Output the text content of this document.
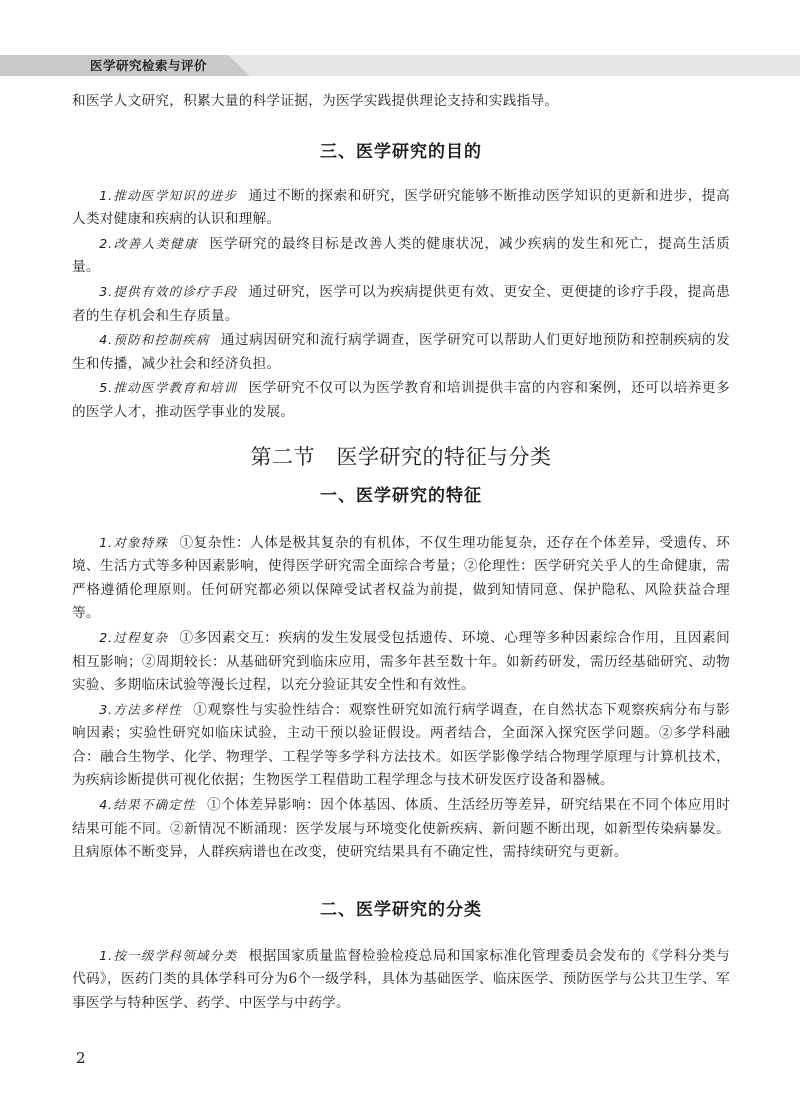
医学研究检索与评价

和医学人文研究，积累大量的科学证据，为医学实践提供理论支持和实践指导。

三、医学研究的目的

1.推动医学知识的进步 通过不断的探索和研究，医学研究能够不断推动医学知识的更新和进步，提高人类对健康和疾病的认识和理解。

2.改善人类健康 医学研究的最终目标是改善人类的健康状况，减少疾病的发生和死亡，提高生活质量。

3.提供有效的诊疗手段 通过研究，医学可以为疾病提供更有效、更安全、更便捷的诊疗手段，提高患者的生存机会和生存质量。

4.预防和控制疾病 通过病因研究和流行病学调查，医学研究可以帮助人们更好地预防和控制疾病的发生和传播，减少社会和经济负担。

5.推动医学教育和培训 医学研究不仅可以为医学教育和培训提供丰富的内容和案例，还可以培养更多的医学人才，推动医学事业的发展。

第二节　医学研究的特征与分类
一、医学研究的特征

1.对象特殊 ①复杂性：人体是极其复杂的有机体，不仅生理功能复杂，还存在个体差异，受遗传、环境、生活方式等多种因素影响，使得医学研究需全面综合考量；②伦理性：医学研究关乎人的生命健康，需严格遵循伦理原则。任何研究都必须以保障受试者权益为前提，做到知情同意、保护隐私、风险获益合理等。

2.过程复杂 ①多因素交互：疾病的发生发展受包括遗传、环境、心理等多种因素综合作用，且因素间相互影响；②周期较长：从基础研究到临床应用，需多年甚至数十年。如新药研发，需历经基础研究、动物实验、多期临床试验等漫长过程，以充分验证其安全性和有效性。

3.方法多样性 ①观察性与实验性结合：观察性研究如流行病学调查，在自然状态下观察疾病分布与影响因素；实验性研究如临床试验，主动干预以验证假设。两者结合，全面深入探究医学问题。②多学科融合：融合生物学、化学、物理学、工程学等多学科方法技术。如医学影像学结合物理学原理与计算机技术，为疾病诊断提供可视化依据；生物医学工程借助工程学理念与技术研发医疗设备和器械。

4.结果不确定性 ①个体差异影响：因个体基因、体质、生活经历等差异，研究结果在不同个体应用时结果可能不同。②新情况不断涌现：医学发展与环境变化使新疾病、新问题不断出现，如新型传染病暴发。且病原体不断变异，人群疾病谱也在改变，使研究结果具有不确定性，需持续研究与更新。

二、医学研究的分类

1.按一级学科领域分类 根据国家质量监督检验检疫总局和国家标准化管理委员会发布的《学科分类与代码》，医药门类的具体学科可分为6个一级学科，具体为基础医学、临床医学、预防医学与公共卫生学、军事医学与特种医学、药学、中医学与中药学。

2
